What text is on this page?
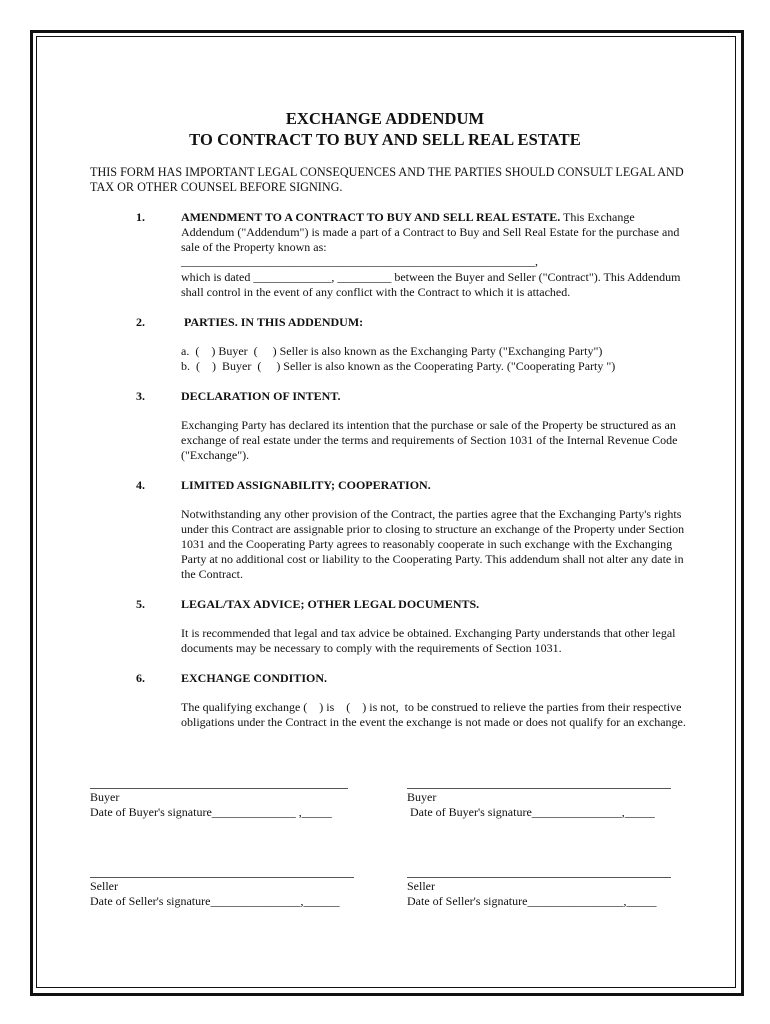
EXCHANGE ADDENDUM
TO CONTRACT TO BUY AND SELL REAL ESTATE
THIS FORM HAS IMPORTANT LEGAL CONSEQUENCES AND THE PARTIES SHOULD CONSULT LEGAL AND TAX OR OTHER COUNSEL BEFORE SIGNING.
1.	AMENDMENT TO A CONTRACT TO BUY AND SELL REAL ESTATE. This Exchange Addendum ("Addendum") is made a part of a Contract to Buy and Sell Real Estate for the purchase and sale of the Property known as:
___________________________________________________________,
which is dated _____________, _________ between the Buyer and Seller ("Contract"). This Addendum shall control in the event of any conflict with the Contract to which it is attached.
2.	PARTIES. IN THIS ADDENDUM:
a.  (    ) Buyer  (     ) Seller is also known as the Exchanging Party ("Exchanging Party")
b.  (    )  Buyer  (     ) Seller is also known as the Cooperating Party. ("Cooperating Party ")
3.	DECLARATION OF INTENT.
Exchanging Party has declared its intention that the purchase or sale of the Property be structured as an exchange of real estate under the terms and requirements of Section 1031 of the Internal Revenue Code ("Exchange").
4.	LIMITED ASSIGNABILITY; COOPERATION.
Notwithstanding any other provision of the Contract, the parties agree that the Exchanging Party's rights under this Contract are assignable prior to closing to structure an exchange of the Property under Section 1031 and the Cooperating Party agrees to reasonably cooperate in such exchange with the Exchanging Party at no additional cost or liability to the Cooperating Party. This addendum shall not alter any date in the Contract.
5.	LEGAL/TAX ADVICE; OTHER LEGAL DOCUMENTS.
It is recommended that legal and tax advice be obtained. Exchanging Party understands that other legal documents may be necessary to comply with the requirements of Section 1031.
6.	EXCHANGE CONDITION.
The qualifying exchange (    ) is    (    ) is not,  to be construed to relieve the parties from their respective obligations under the Contract in the event the exchange is not made or does not qualify for an exchange.
Buyer
Date of Buyer's signature______________ ,_____
Buyer
Date of Buyer's signature_______________,_____
Seller
Date of Seller's signature_______________,______
Seller
Date of Seller's signature________________,_____
